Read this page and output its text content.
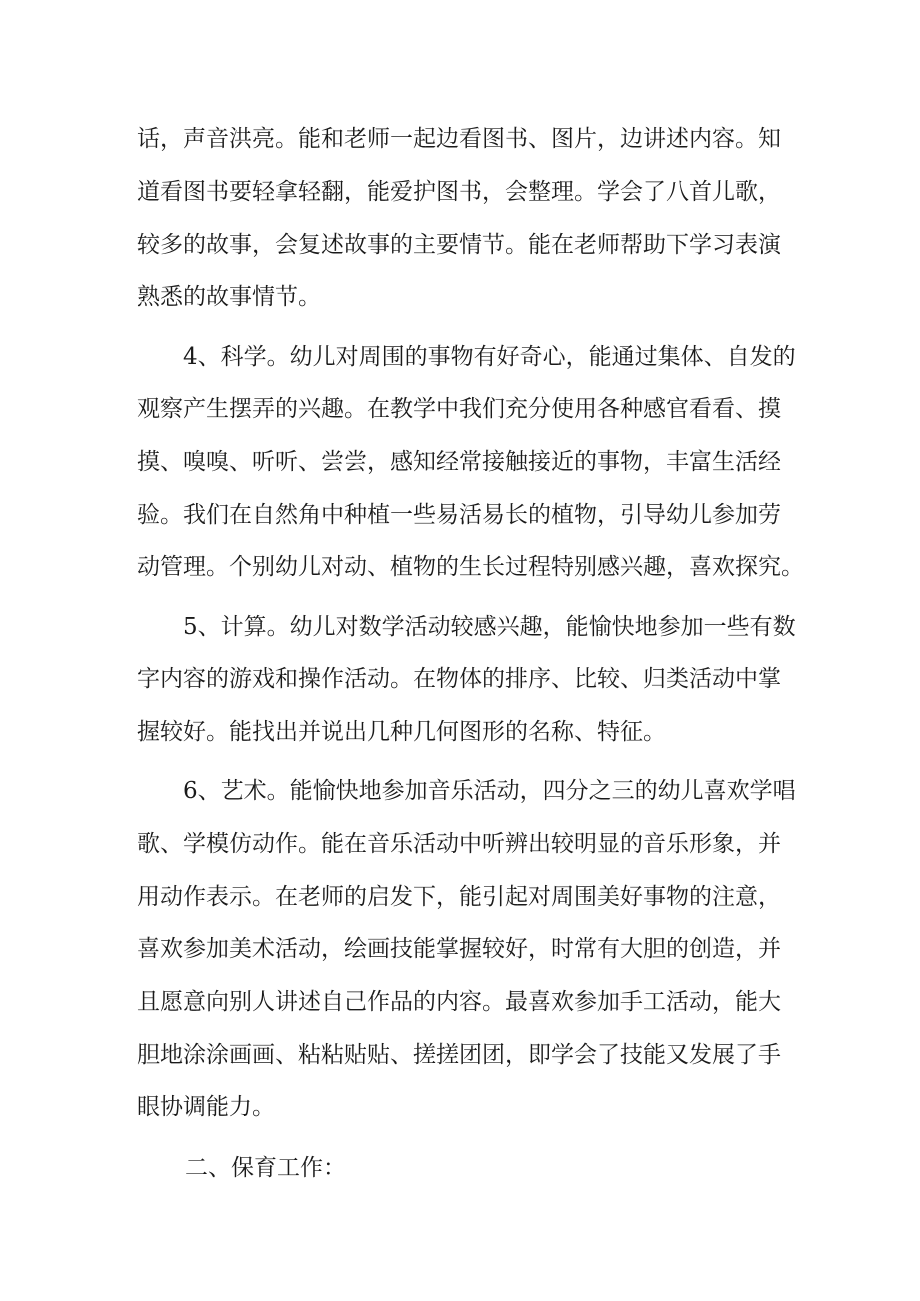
话，声音洪亮。能和老师一起边看图书、图片，边讲述内容。知

道看图书要轻拿轻翻，能爱护图书，会整理。学会了八首儿歌，

较多的故事，会复述故事的主要情节。能在老师帮助下学习表演

熟悉的故事情节。

4、科学。幼儿对周围的事物有好奇心，能通过集体、自发的

观察产生摆弄的兴趣。在教学中我们充分使用各种感官看看、摸

摸、嗅嗅、听听、尝尝，感知经常接触接近的事物，丰富生活经

验。我们在自然角中种植一些易活易长的植物，引导幼儿参加劳

动管理。个别幼儿对动、植物的生长过程特别感兴趣，喜欢探究。

5、计算。幼儿对数学活动较感兴趣，能愉快地参加一些有数

字内容的游戏和操作活动。在物体的排序、比较、归类活动中掌

握较好。能找出并说出几种几何图形的名称、特征。

6、艺术。能愉快地参加音乐活动，四分之三的幼儿喜欢学唱

歌、学模仿动作。能在音乐活动中听辨出较明显的音乐形象，并

用动作表示。在老师的启发下，能引起对周围美好事物的注意，

喜欢参加美术活动，绘画技能掌握较好，时常有大胆的创造，并

且愿意向别人讲述自己作品的内容。最喜欢参加手工活动，能大

胆地涂涂画画、粘粘贴贴、搓搓团团，即学会了技能又发展了手

眼协调能力。

二、保育工作：
